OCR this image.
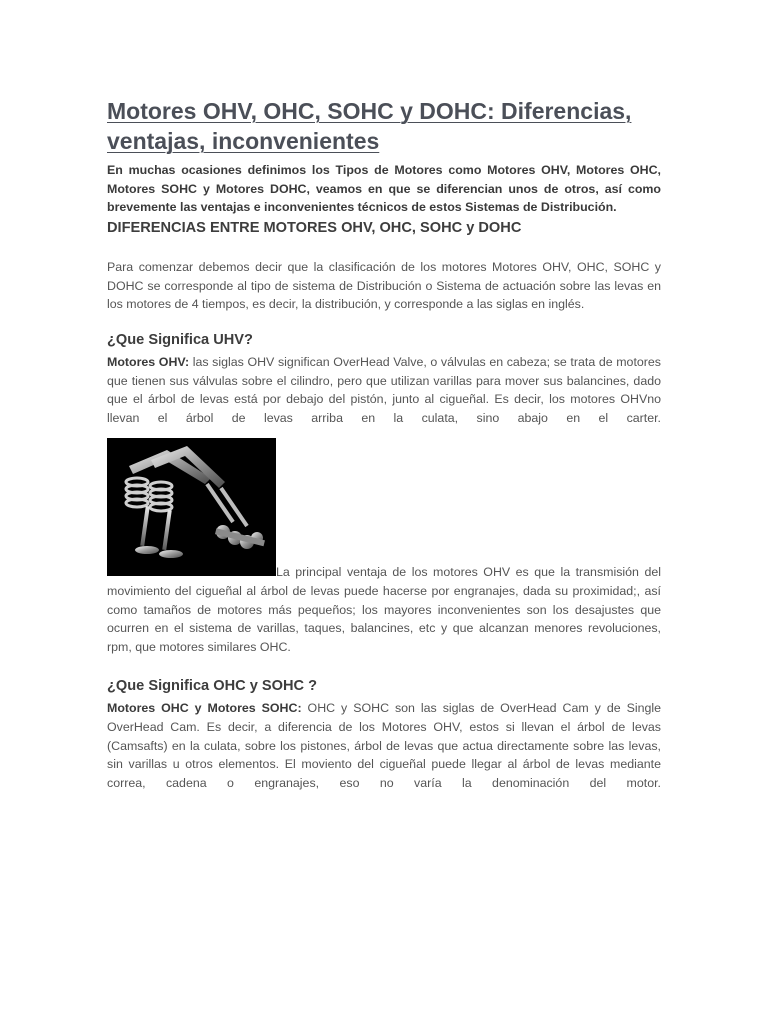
Motores OHV, OHC, SOHC y DOHC: Diferencias, ventajas, inconvenientes

En muchas ocasiones definimos los Tipos de Motores como Motores OHV, Motores OHC, Motores SOHC y Motores DOHC, veamos en que se diferencian unos de otros, así como brevemente las ventajas e inconvenientes técnicos de estos Sistemas de Distribución.

DIFERENCIAS ENTRE MOTORES OHV, OHC, SOHC y DOHC

Para comenzar debemos decir que la clasificación de los motores Motores OHV, OHC, SOHC y DOHC se corresponde al tipo de sistema de Distribución o Sistema de actuación sobre las levas en los motores de 4 tiempos, es decir, la distribución, y corresponde a las siglas en inglés.

¿Que Significa UHV?

Motores OHV: las siglas OHV significan OverHead Valve, o válvulas en cabeza; se trata de motores que tienen sus válvulas sobre el cilindro, pero que utilizan varillas para mover sus balancines, dado que el árbol de levas está por debajo del pistón, junto al cigueñal. Es decir, los motores OHVno llevan el árbol de levas arriba en la culata, sino abajo en el carter.

La principal ventaja de los motores OHV es que la transmisión del movimiento del cigueñal al árbol de levas puede hacerse por engranajes, dada su proximidad;, así como tamaños de motores más pequeños; los mayores inconvenientes son los desajustes que ocurren en el sistema de varillas, taques, balancines, etc y que alcanzan menores revoluciones, rpm, que motores similares OHC.
¿Que Significa OHC y SOHC ?

Motores OHC y Motores SOHC: OHC y SOHC son las siglas de OverHead Cam y de Single OverHead Cam. Es decir, a diferencia de los Motores OHV, estos si llevan el árbol de levas (Camsafts) en la culata, sobre los pistones, árbol de levas que actua directamente sobre las levas, sin varillas u otros elementos. El moviento del cigueñal puede llegar al árbol de levas mediante correa, cadena o engranajes, eso no varía la denominación del motor.
